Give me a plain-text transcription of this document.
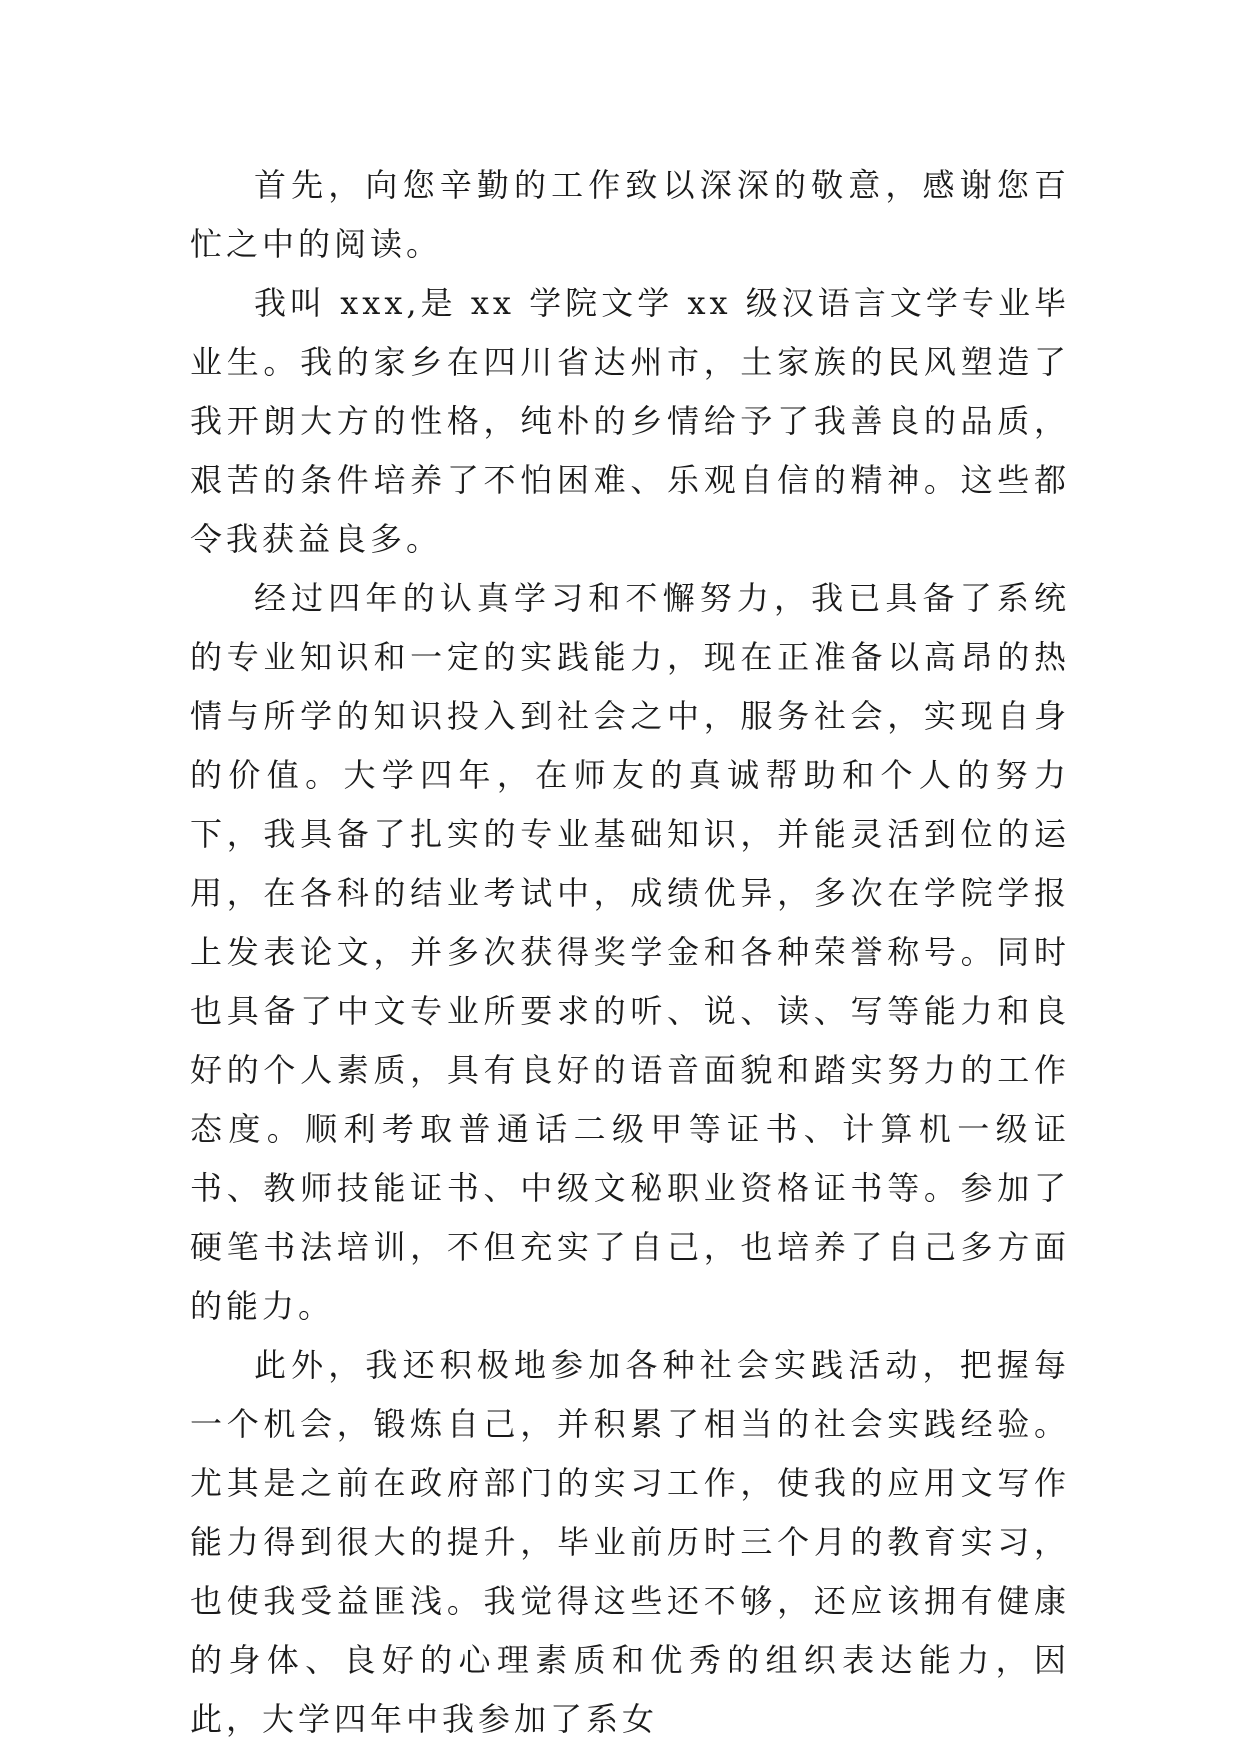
首先，向您辛勤的工作致以深深的敬意，感谢您百忙之中的阅读。

我叫 xxx,是 xx 学院文学 xx 级汉语言文学专业毕业生。我的家乡在四川省达州市，土家族的民风塑造了我开朗大方的性格，纯朴的乡情给予了我善良的品质，艰苦的条件培养了不怕困难、乐观自信的精神。这些都令我获益良多。

经过四年的认真学习和不懈努力，我已具备了系统的专业知识和一定的实践能力，现在正准备以高昂的热情与所学的知识投入到社会之中，服务社会，实现自身的价值。大学四年，在师友的真诚帮助和个人的努力下，我具备了扎实的专业基础知识，并能灵活到位的运用，在各科的结业考试中，成绩优异，多次在学院学报上发表论文，并多次获得奖学金和各种荣誉称号。同时也具备了中文专业所要求的听、说、读、写等能力和良好的个人素质，具有良好的语音面貌和踏实努力的工作态度。顺利考取普通话二级甲等证书、计算机一级证书、教师技能证书、中级文秘职业资格证书等。参加了硬笔书法培训，不但充实了自己，也培养了自己多方面的能力。

此外，我还积极地参加各种社会实践活动，把握每一个机会，锻炼自己，并积累了相当的社会实践经验。尤其是之前在政府部门的实习工作，使我的应用文写作能力得到很大的提升，毕业前历时三个月的教育实习，也使我受益匪浅。我觉得这些还不够，还应该拥有健康的身体、良好的心理素质和优秀的组织表达能力，因此，大学四年中我参加了系女
